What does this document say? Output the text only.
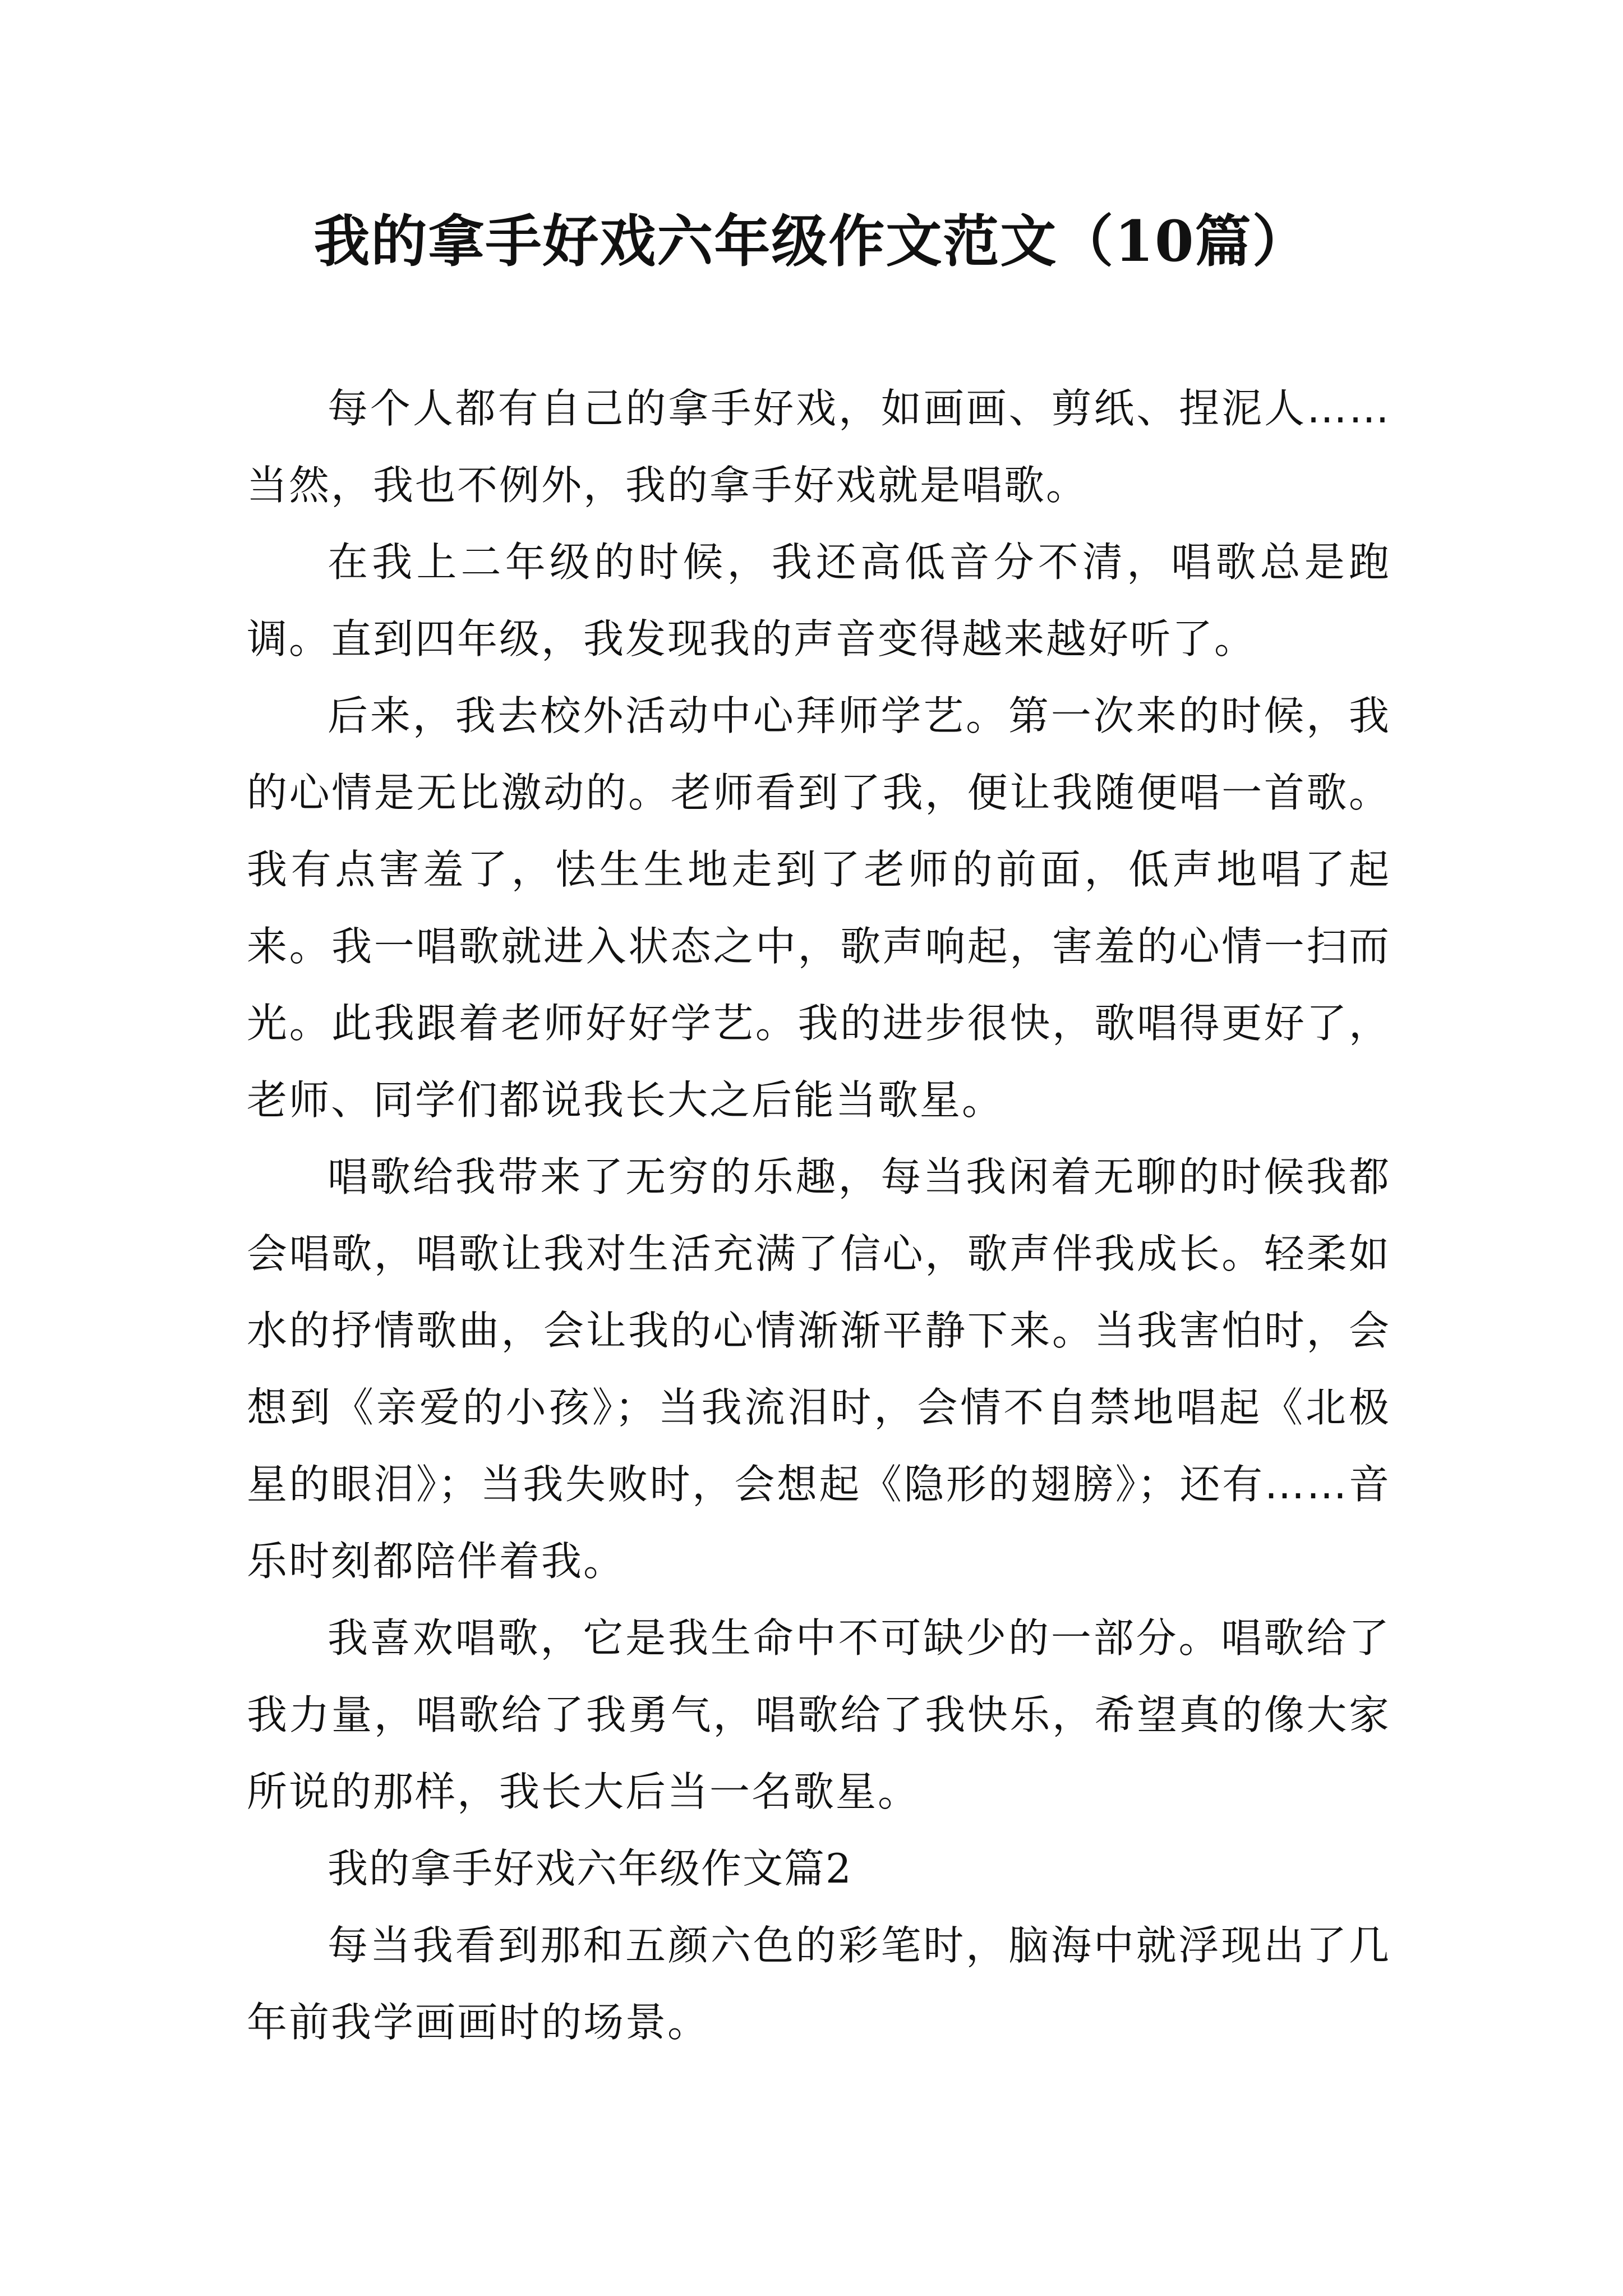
我的拿手好戏六年级作文范文（10篇）

每个人都有自己的拿手好戏，如画画、剪纸、捏泥人……当然，我也不例外，我的拿手好戏就是唱歌。

在我上二年级的时候，我还高低音分不清，唱歌总是跑调。直到四年级，我发现我的声音变得越来越好听了。

后来，我去校外活动中心拜师学艺。第一次来的时候，我的心情是无比激动的。老师看到了我，便让我随便唱一首歌。我有点害羞了，怯生生地走到了老师的前面，低声地唱了起来。我一唱歌就进入状态之中，歌声响起，害羞的心情一扫而光。此我跟着老师好好学艺。我的进步很快，歌唱得更好了，老师、同学们都说我长大之后能当歌星。

唱歌给我带来了无穷的乐趣，每当我闲着无聊的时候我都会唱歌，唱歌让我对生活充满了信心，歌声伴我成长。轻柔如水的抒情歌曲，会让我的心情渐渐平静下来。当我害怕时，会想到《亲爱的小孩》；当我流泪时，会情不自禁地唱起《北极星的眼泪》；当我失败时，会想起《隐形的翅膀》；还有……音乐时刻都陪伴着我。

我喜欢唱歌，它是我生命中不可缺少的一部分。唱歌给了我力量，唱歌给了我勇气，唱歌给了我快乐，希望真的像大家所说的那样，我长大后当一名歌星。

我的拿手好戏六年级作文篇2

每当我看到那和五颜六色的彩笔时，脑海中就浮现出了几年前我学画画时的场景。
